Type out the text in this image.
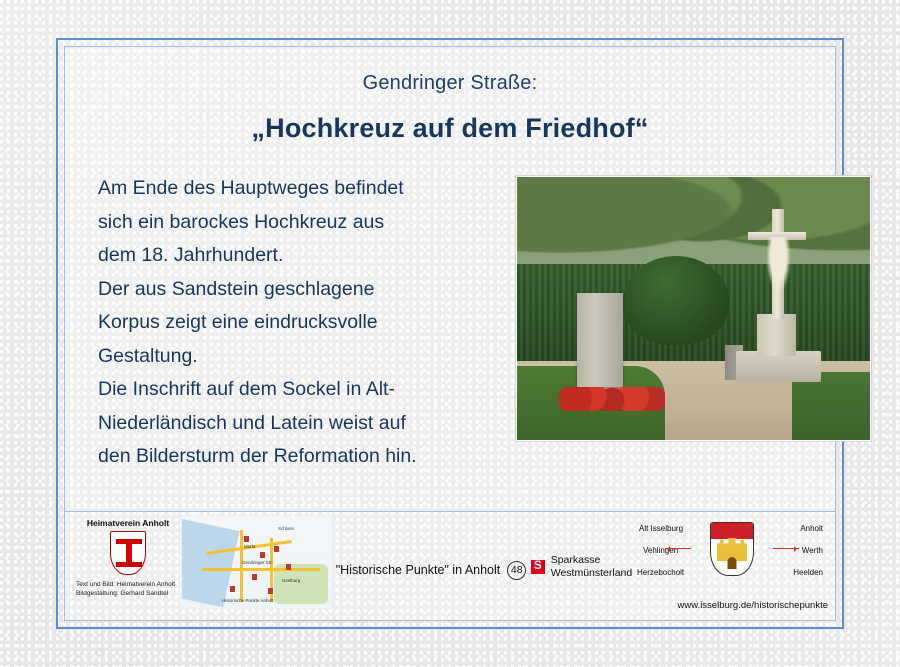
Gendringer Straße:
„Hochkreuz auf dem Friedhof“

Am Ende des Hauptweges befindet

sich ein barockes Hochkreuz aus

dem 18. Jahrhundert.

Der aus Sandstein geschlagene

Korpus zeigt eine eindrucksvolle

Gestaltung.

Die Inschrift auf dem Sockel in Alt-

Niederländisch und Latein weist auf

den Bildersturm der Reformation hin.

Heimatverein Anholt
Text und Bild: Heimatverein Anholt
Bildgestaltung: Gerhard Sandtel
Schloss
Markt
Gendringer Str.
Isselburg
Historische Punkte Anholt
"Historische Punkte" in Anholt	48

S
Sparkasse
Westmünsterland
Alt Isselburg	Anholt
Vehlingen	Werth
Herzebocholt	Heelden
www.isselburg.de/historischepunkte
